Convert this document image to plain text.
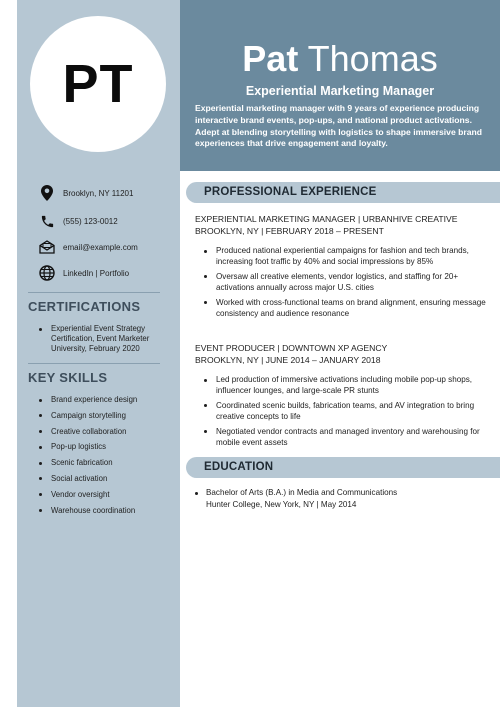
PT	Pat Thomas
Experiential Marketing Manager
Experiential marketing manager with 9 years of experience producing interactive brand events, pop-ups, and national product activations. Adept at blending storytelling with logistics to shape immersive brand experiences that drive engagement and loyalty.
Brooklyn, NY 11201
(555) 123-0012
email@example.com
LinkedIn | Portfolio
CERTIFICATIONS
Experiential Event Strategy Certification, Event Marketer University, February 2020
KEY SKILLS
Brand experience design
Campaign storytelling
Creative collaboration
Pop-up logistics
Scenic fabrication
Social activation
Vendor oversight
Warehouse coordination
PROFESSIONAL EXPERIENCE
EXPERIENTIAL MARKETING MANAGER | URBANHIVE CREATIVE
BROOKLYN, NY | FEBRUARY 2018 – PRESENT
Produced national experiential campaigns for fashion and tech brands, increasing foot traffic by 40% and social impressions by 85%
Oversaw all creative elements, vendor logistics, and staffing for 20+ activations annually across major U.S. cities
Worked with cross-functional teams on brand alignment, ensuring message consistency and audience resonance
EVENT PRODUCER | DOWNTOWN XP AGENCY
BROOKLYN, NY | JUNE 2014 – JANUARY 2018
Led production of immersive activations including mobile pop-up shops, influencer lounges, and large-scale PR stunts
Coordinated scenic builds, fabrication teams, and AV integration to bring creative concepts to life
Negotiated vendor contracts and managed inventory and warehousing for mobile event assets
EDUCATION
Bachelor of Arts (B.A.) in Media and Communications
Hunter College, New York, NY | May 2014
